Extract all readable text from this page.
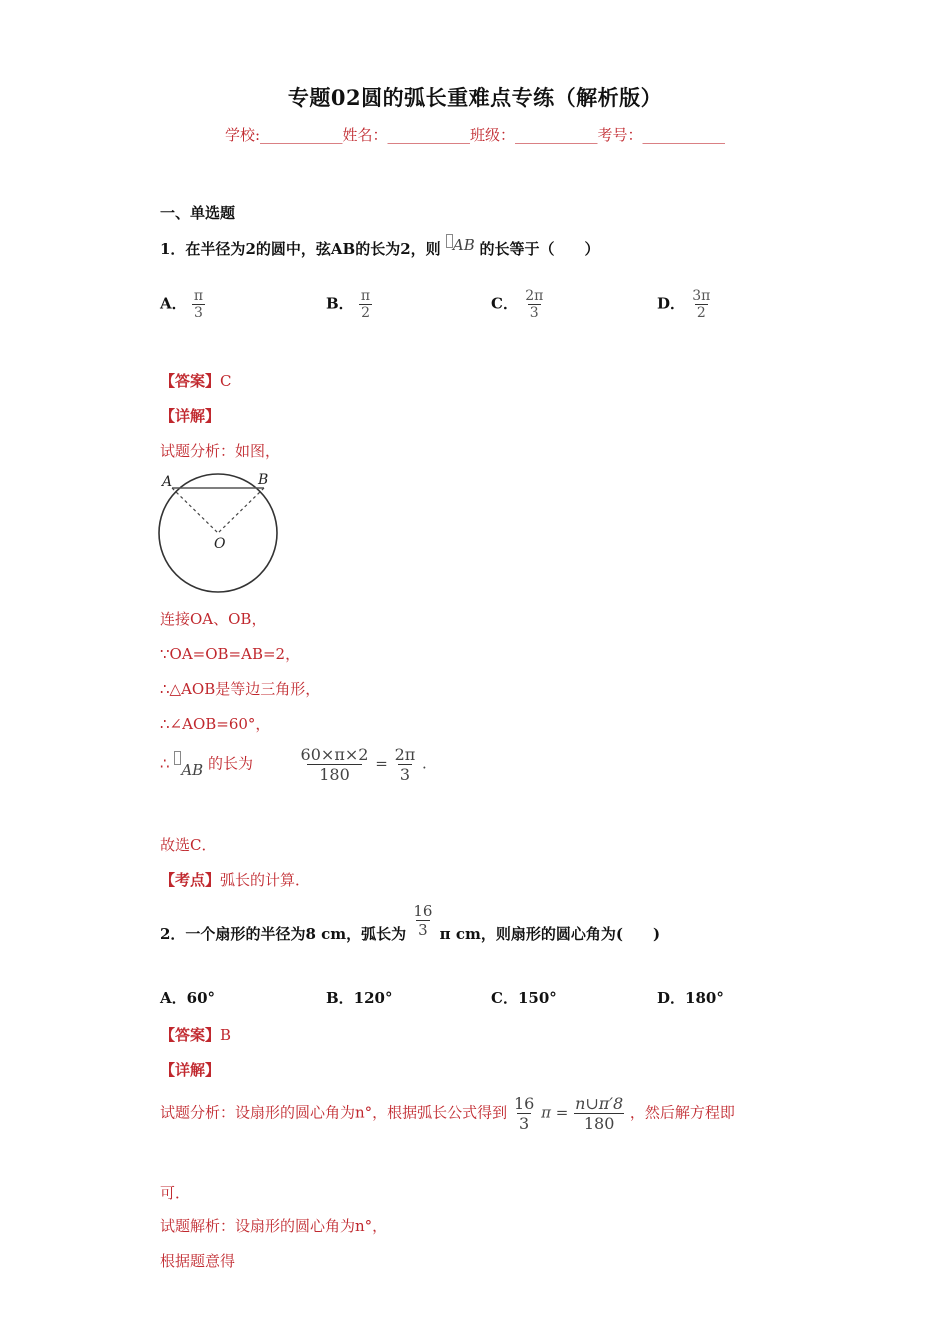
专题02圆的弧长重难点专练（解析版）
学校:___________姓名：___________班级：___________考号：___________
一、单选题
1．在半径为2的圆中，弦AB的长为2，则 AB 的长等于（　　）
A． $\frac{\pi}{3}$	B． $\frac{\pi}{2}$	C． $\frac{2\pi}{3}$	D． $\frac{3\pi}{2}$
【答案】C
【详解】
试题分析：如图，
A	B
O
连接OA、OB，
∵OA=OB=AB=2，
∴△AOB是等边三角形，
∴∠AOB=60°，
∴ AB 的长为	$\frac{60\times\pi\times 2}{180} = \frac{2\pi}{3}$ .
故选C．
【考点】弧长的计算．
2．一个扇形的半径为8 cm，弧长为 $\frac{16}{3}$ π cm，则扇形的圆心角为(　　)
A．60°	B．120°	C．150°	D．180°
【答案】B
【详解】
试题分析：设扇形的圆心角为n°，根据弧长公式得到 $\frac{16}{3}$ $\pi = \frac{n\cup\pi'8}{180}$ ，然后解方程即
可．
试题解析：设扇形的圆心角为n°，
根据题意得
